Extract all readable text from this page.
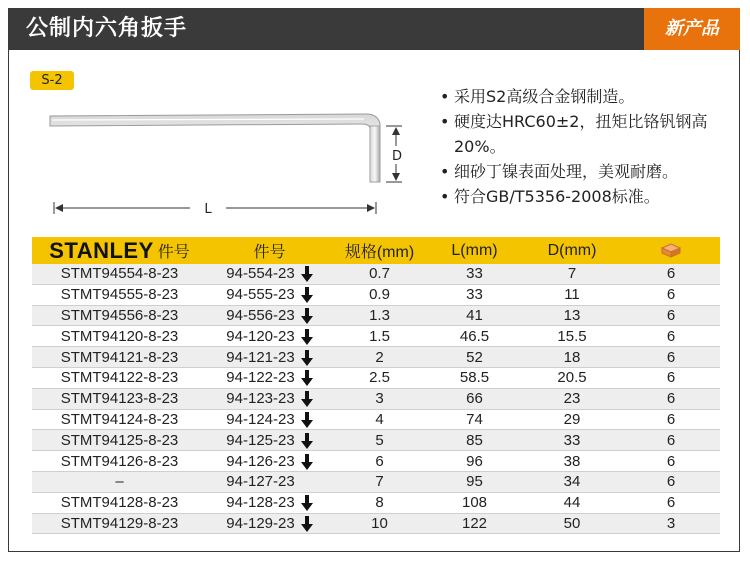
公制内六角扳手	新产品
S-2
D
L
• 采用S2高级合金钢制造。
• 硬度达HRC60±2，扭矩比铬钒钢高20%。
• 细砂丁镍表面处理，美观耐磨。
• 符合GB/T5356-2008标准。
STANLEY 件号	件号	规格(mm)	L(mm)	D(mm)	
STMT94554-8-23	94-554-23	0.7	33	7	6
STMT94555-8-23	94-555-23	0.9	33	11	6
STMT94556-8-23	94-556-23	1.3	41	13	6
STMT94120-8-23	94-120-23	1.5	46.5	15.5	6
STMT94121-8-23	94-121-23	2	52	18	6
STMT94122-8-23	94-122-23	2.5	58.5	20.5	6
STMT94123-8-23	94-123-23	3	66	23	6
STMT94124-8-23	94-124-23	4	74	29	6
STMT94125-8-23	94-125-23	5	85	33	6
STMT94126-8-23	94-126-23	6	96	38	6
–	94-127-23	7	95	34	6
STMT94128-8-23	94-128-23	8	108	44	6
STMT94129-8-23	94-129-23	10	122	50	3
